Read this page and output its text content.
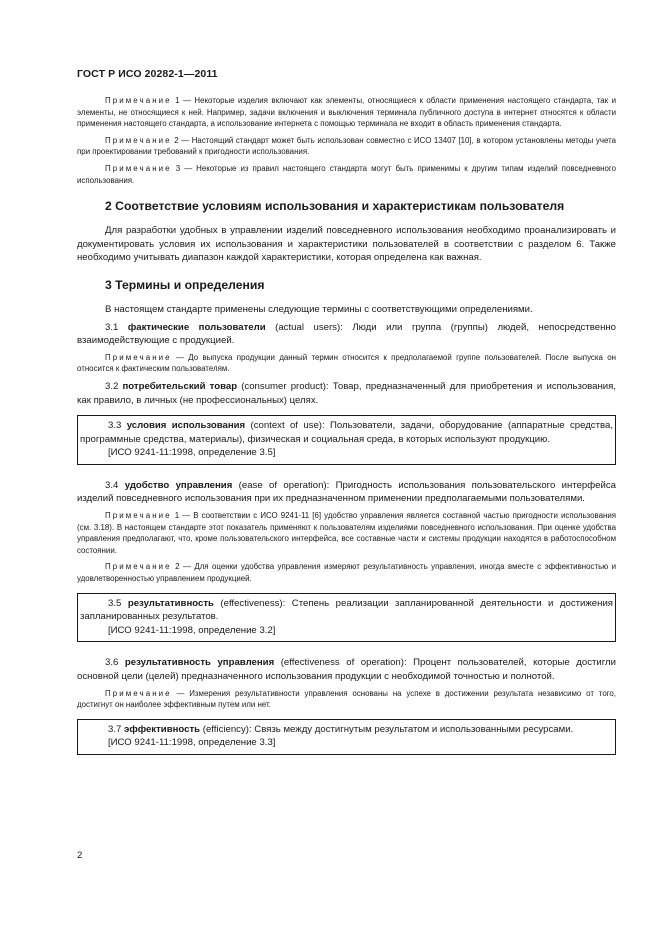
ГОСТ Р ИСО 20282-1—2011

Примечание 1 — Некоторые изделия включают как элементы, относящиеся к области применения настоящего стандарта, так и элементы, не относящиеся к ней. Например, задачи включения и выключения терминала публичного доступа в интернет относятся к области применения настоящего стандарта, а использование интернета с помощью терминала не входит в область применения стандарта.

Примечание 2 — Настоящий стандарт может быть использован совместно с ИСО 13407 [10], в котором установлены методы учета при проектировании требований к пригодности использования.

Примечание 3 — Некоторые из правил настоящего стандарта могут быть применимы к другим типам изделий повседневного использования.

2 Соответствие условиям использования и характеристикам пользователя

Для разработки удобных в управлении изделий повседневного использования необходимо проанализировать и документировать условия их использования и характеристики пользователей в соответствии с разделом 6. Также необходимо учитывать диапазон каждой характеристики, которая определена как важная.

3 Термины и определения

В настоящем стандарте применены следующие термины с соответствующими определениями.

3.1 фактические пользователи (actual users): Люди или группа (группы) людей, непосредственно взаимодействующие с продукцией.

Примечание — До выпуска продукции данный термин относится к предполагаемой группе пользователей. После выпуска он относится к фактическим пользователям.

3.2 потребительский товар (consumer product): Товар, предназначенный для приобретения и использования, как правило, в личных (не профессиональных) целях.

3.3 условия использования (context of use): Пользователи, задачи, оборудование (аппаратные средства, программные средства, материалы), физическая и социальная среда, в которых используют продукцию.

[ИСО 9241-11:1998, определение 3.5]

3.4 удобство управления (ease of operation): Пригодность использования пользовательского интерфейса изделий повседневного использования при их предназначенном применении предполагаемыми пользователями.

Примечание 1 — В соответствии с ИСО 9241-11 [6] удобство управления является составной частью пригодности использования (см. 3.18). В настоящем стандарте этот показатель применяют к пользователям изделиями повседневного использования. При оценке удобства управления предполагают, что, кроме пользовательского интерфейса, все составные части и системы продукции находятся в работоспособном состоянии.

Примечание 2 — Для оценки удобства управления измеряют результативность управления, иногда вместе с эффективностью и удовлетворенностью управлением продукцией.

3.5 результативность (effectiveness): Степень реализации запланированной деятельности и достижения запланированных результатов.

[ИСО 9241-11:1998, определение 3.2]

3.6 результативность управления (effectiveness of operation): Процент пользователей, которые достигли основной цели (целей) предназначенного использования продукции с необходимой точностью и полнотой.

Примечание — Измерения результативности управления основаны на успехе в достижении результата независимо от того, достигнут он наиболее эффективным путем или нет.

3.7 эффективность (efficiency): Связь между достигнутым результатом и использованными ресурсами.

[ИСО 9241-11:1998, определение 3.3]
2
